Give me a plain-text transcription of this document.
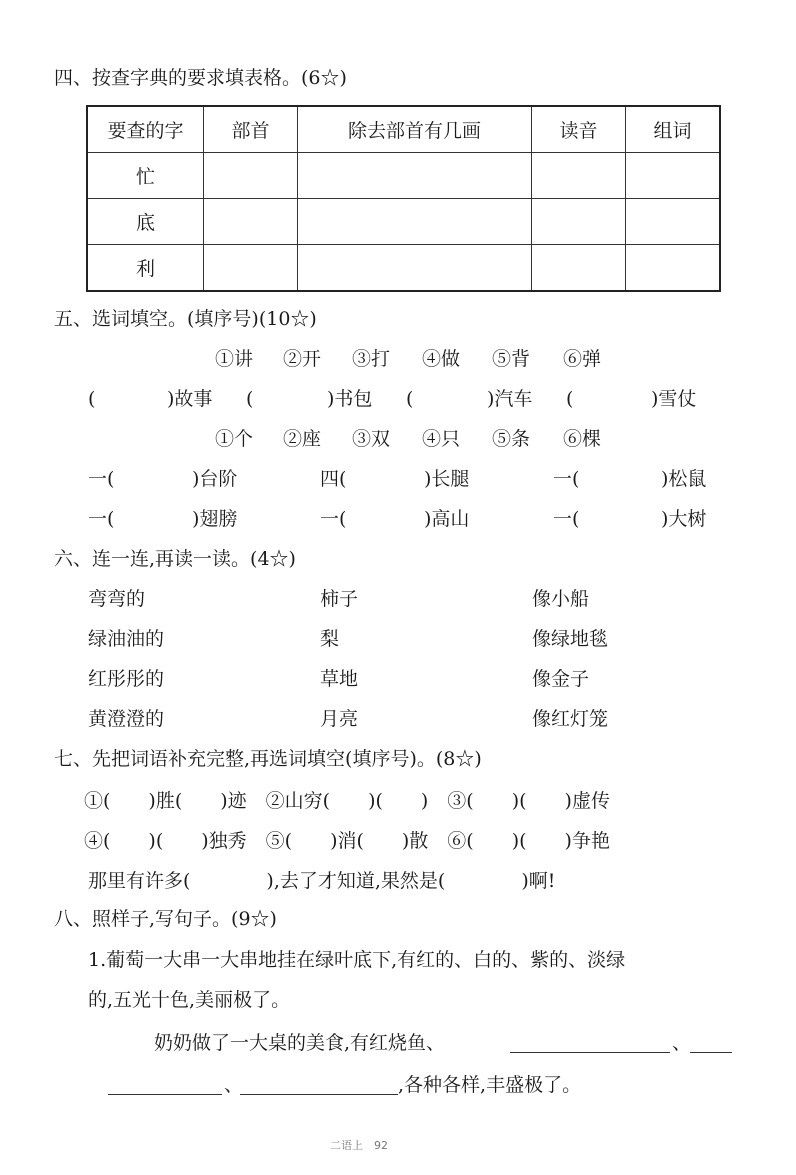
四、按查字典的要求填表格。(6☆)
要查的字	部首	除去部首有几画	读音	组词
忙				
底				
利				
五、选词填空。(填序号)(10☆)
①讲 ②开 ③打 ④做 ⑤背 ⑥弹
(	)故事 (	)书包 (	)汽车 (	)雪仗
①个 ②座 ③双 ④只 ⑤条 ⑥棵
一(	)台阶	四(	)长腿	一(	)松鼠
一(	)翅膀	一(	)高山	一(	)大树
六、连一连,再读一读。(4☆)
弯弯的	柿子	像小船
绿油油的	梨	像绿地毯
红彤彤的	草地	像金子
黄澄澄的	月亮	像红灯笼
七、先把词语补充完整,再选词填空(填序号)。(8☆)
①(　　)胜(　　)迹　②山穷(　　)(　　)　③(　　)(　　)虚传
④(　　)(　　)独秀　⑤(　　)消(　　)散　⑥(　　)(　　)争艳
那里有许多(　　　　),去了才知道,果然是(　　　　)啊!
八、照样子,写句子。(9☆)
1.葡萄一大串一大串地挂在绿叶底下,有红的、白的、紫的、淡绿
的,五光十色,美丽极了。
奶奶做了一大桌的美食,有红烧鱼、	、
、	,各种各样,丰盛极了。
二语上　92
